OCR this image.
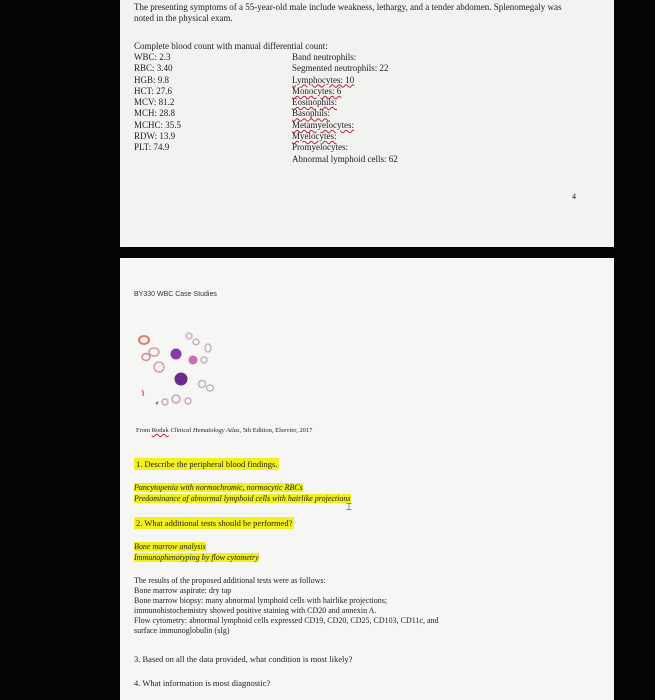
The presenting symptoms of a 55-year-old male include weakness, lethargy, and a tender abdomen. Splenomegaly was noted in the physical exam.
Complete blood count with manual differential count:
WBC: 2.3
RBC: 3.40
HGB: 9.8
HCT: 27.6
MCV: 81.2
MCH: 28.8
MCHC: 35.5
RDW: 13.9
PLT: 74.9
Band neutrophils:
Segmented neutrophils: 22
Lymphocytes: 10
Monocytes: 6
Eosinophils:
Basophils:
Metamyelocytes:
Myelocytes:
Promyelocytes:
Abnormal lymphoid cells: 62
4
BY330 WBC Case Studies
From Rodak Clinical Hematology Atlas, 5th Edition, Elsevier, 2017
1. Describe the peripheral blood findings.
Pancytopenia with normochromic, normocytic RBCs
Predominance of abnormal lymphoid cells with hairlike projections
⌶
2. What additional tests should be performed?
Bone marrow analysis
Immunophenotyping by flow cytometry
The results of the proposed additional tests were as follows:
Bone marrow aspirate: dry tap
Bone marrow biopsy: many abnormal lymphoid cells with hairlike projections;
immunohistochemistry showed positive staining with CD20 and annexin A.
Flow cytometry: abnormal lymphoid cells expressed CD19, CD20, CD25, CD103, CD11c, and
surface immunoglobulin (sIg)
3. Based on all the data provided, what condition is most likely?
4. What information is most diagnostic?
